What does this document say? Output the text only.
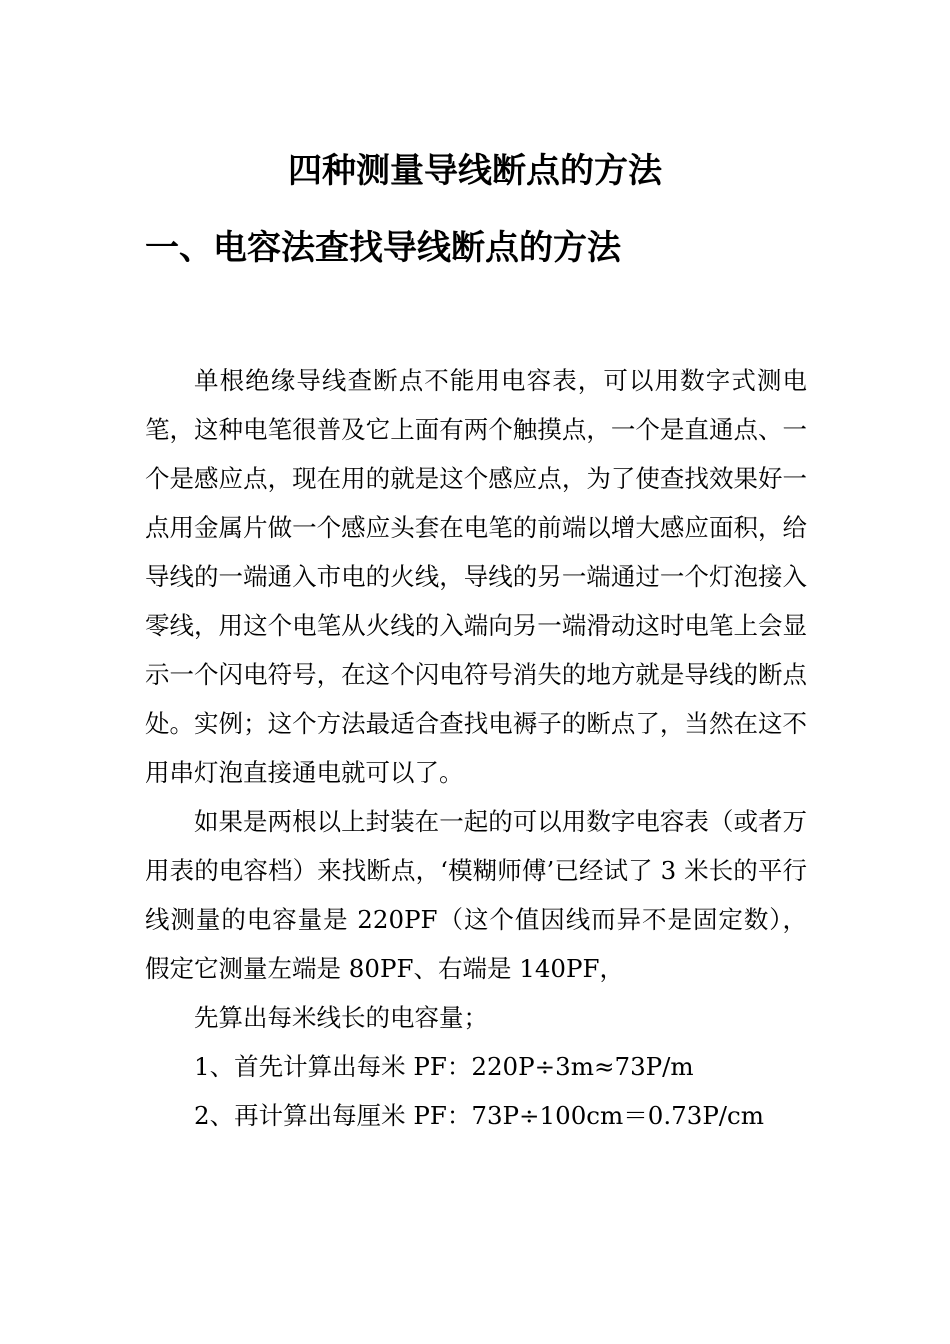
四种测量导线断点的方法
一、电容法查找导线断点的方法

单根绝缘导线查断点不能用电容表，可以用数字式测电笔，这种电笔很普及它上面有两个触摸点，一个是直通点、一个是感应点，现在用的就是这个感应点，为了使查找效果好一点用金属片做一个感应头套在电笔的前端以增大感应面积，给导线的一端通入市电的火线，导线的另一端通过一个灯泡接入零线，用这个电笔从火线的入端向另一端滑动这时电笔上会显示一个闪电符号，在这个闪电符号消失的地方就是导线的断点处。实例；这个方法最适合查找电褥子的断点了，当然在这不用串灯泡直接通电就可以了。

如果是两根以上封装在一起的可以用数字电容表（或者万用表的电容档）来找断点，‘模糊师傅’已经试了 3 米长的平行线测量的电容量是 220PF（这个值因线而异不是固定数），假定它测量左端是 80PF、右端是 140PF，

先算出每米线长的电容量；

1、首先计算出每米 PF：220P÷3m≈73P/m

2、再计算出每厘米 PF：73P÷100cm＝0.73P/cm
